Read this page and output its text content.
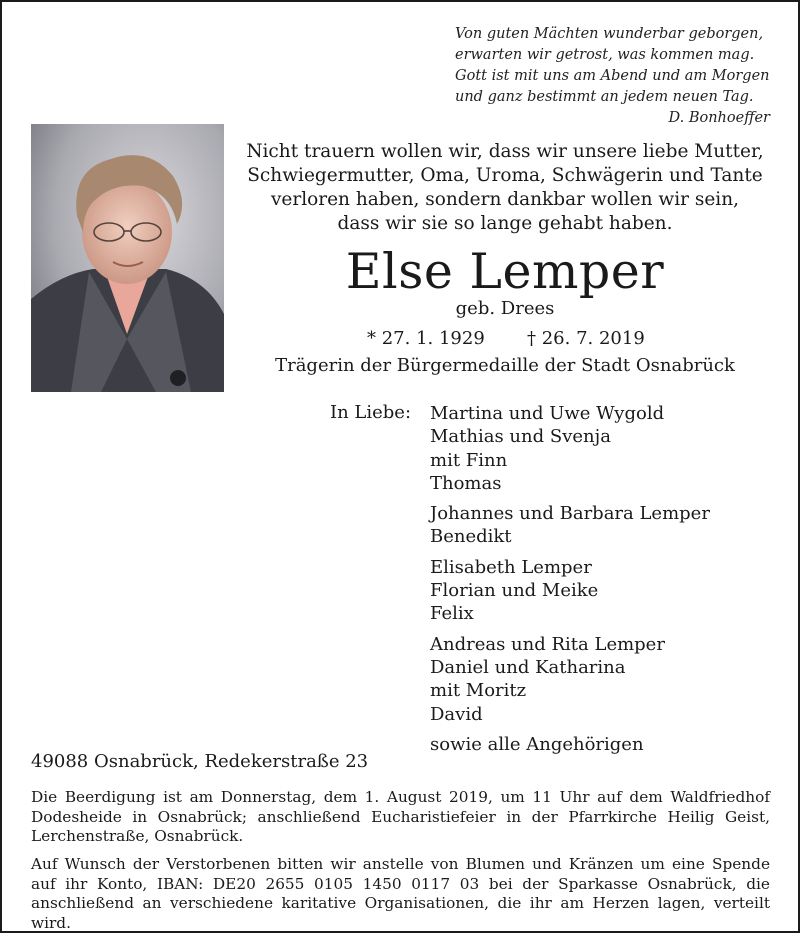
Von guten Mächten wunderbar geborgen,
erwarten wir getrost, was kommen mag.
Gott ist mit uns am Abend und am Morgen
und ganz bestimmt an jedem neuen Tag.
D. Bonhoeffer
Nicht trauern wollen wir, dass wir unsere liebe Mutter,
Schwiegermutter, Oma, Uroma, Schwägerin und Tante
verloren haben, sondern dankbar wollen wir sein,
dass wir sie so lange gehabt haben.
Else Lemper
geb. Drees
* 27. 1. 1929 † 26. 7. 2019
Trägerin der Bürgermedaille der Stadt Osnabrück
In Liebe: Martina und Uwe Wygold
Mathias und Svenja
mit Finn
Thomas
Johannes und Barbara Lemper
Benedikt
Elisabeth Lemper
Florian und Meike
Felix
Andreas und Rita Lemper
Daniel und Katharina
mit Moritz
David
sowie alle Angehörigen
49088 Osnabrück, Redekerstraße 23
Die Beerdigung ist am Donnerstag, dem 1. August 2019, um 11 Uhr auf dem Waldfriedhof Dodesheide in Osnabrück; anschließend Eucharistiefeier in der Pfarrkirche Heilig Geist, Lerchenstraße, Osnabrück.
Auf Wunsch der Verstorbenen bitten wir anstelle von Blumen und Kränzen um eine Spende auf ihr Konto, IBAN: DE20 2655 0105 1450 0117 03 bei der Sparkasse Osnabrück, die anschließend an verschiedene karitative Organisationen, die ihr am Herzen lagen, verteilt wird.
